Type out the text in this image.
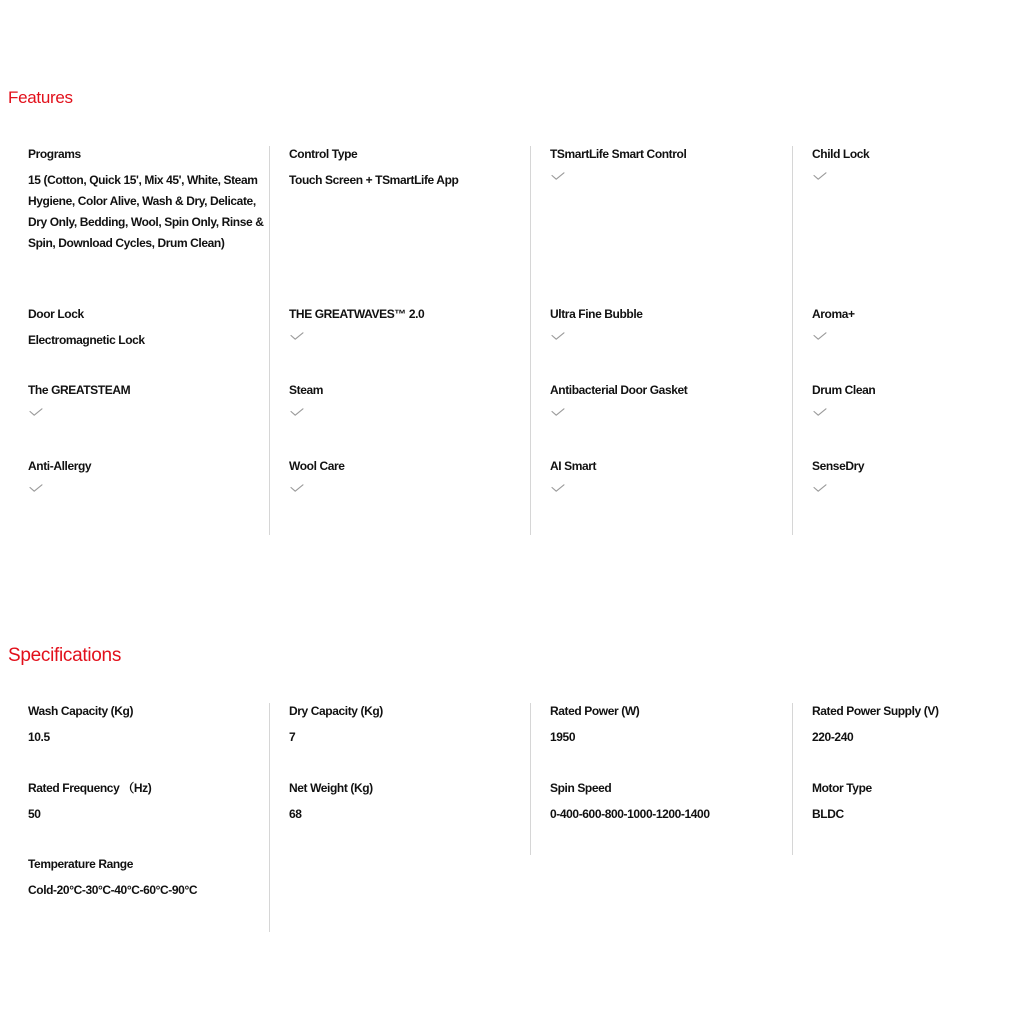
Features
Programs
15 (Cotton, Quick 15', Mix 45', White, Steam Hygiene, Color Alive, Wash & Dry, Delicate, Dry Only, Bedding, Wool, Spin Only, Rinse & Spin, Download Cycles, Drum Clean)
Door Lock
Electromagnetic Lock
The GREATSTEAM
Anti-Allergy
Control Type
Touch Screen + TSmartLife App
THE GREATWAVES™ 2.0
Steam
Wool Care
TSmartLife Smart Control
Ultra Fine Bubble
Antibacterial Door Gasket
AI Smart
Child Lock
Aroma+
Drum Clean
SenseDry
Specifications
Wash Capacity (Kg)
10.5
Rated Frequency （Hz)
50
Temperature Range
Cold-20°C-30°C-40°C-60°C-90°C
Dry Capacity (Kg)
7
Net Weight (Kg)
68
Rated Power (W)
1950
Spin Speed
0-400-600-800-1000-1200-1400
Rated Power Supply (V)
220-240
Motor Type
BLDC
